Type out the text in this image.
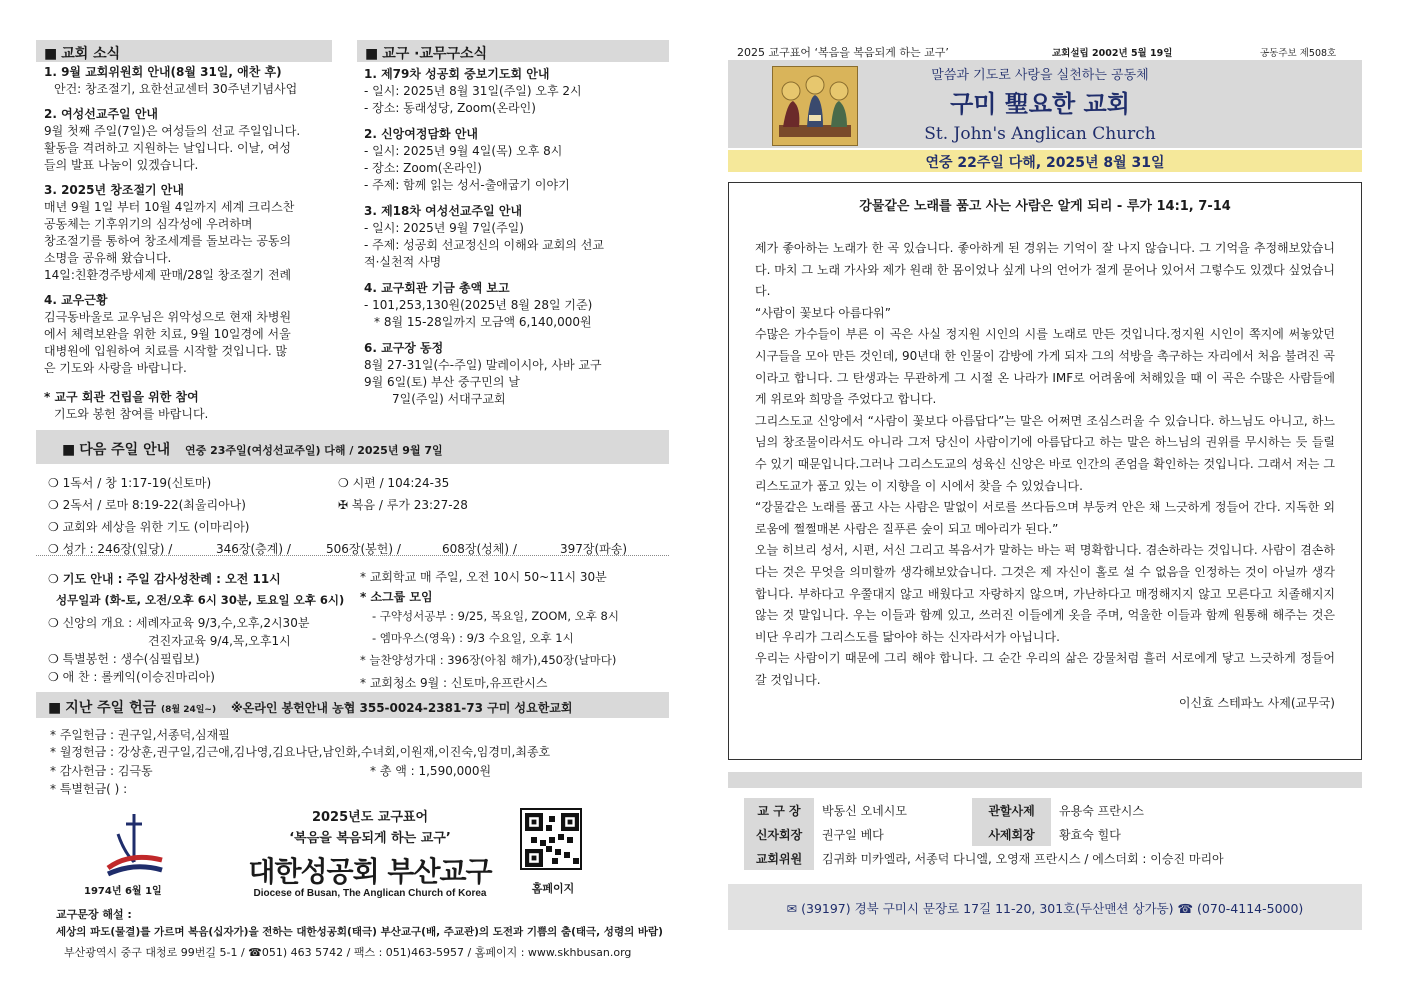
■ 교회 소식
1. 9월 교회위원회 안내(8월 31일, 애찬 후)
안건: 창조절기, 요한선교센터 30주년기념사업
2. 여성선교주일 안내
9월 첫째 주일(7일)은 여성들의 선교 주일입니다.
활동을 격려하고 지원하는 날입니다. 이날, 여성
들의 발표 나눔이 있겠습니다.
3. 2025년 창조절기 안내
매년 9월 1일 부터 10월 4일까지 세계 크리스찬
공동체는 기후위기의 심각성에 우려하며
창조절기를 통하여 창조세계를 돌보라는 공동의
소명을 공유해 왔습니다.
14일:친환경주방세제 판매/28일 창조절기 전례
4. 교우근황
김극동바울로 교우님은 위악성으로 현재 차병원
에서 체력보완을 위한 치료, 9월 10일경에 서울
대병원에 입원하여 치료를 시작할 것입니다. 많
은 기도와 사랑을 바랍니다.
* 교구 회관 건립을 위한 참여
기도와 봉헌 참여를 바랍니다.
■ 교구 ·교무구소식
1. 제79차 성공회 중보기도회 안내
- 일시: 2025년 8월 31일(주일) 오후 2시
- 장소: 동래성당, Zoom(온라인)
2. 신앙여정담화 안내
- 일시: 2025년 9월 4일(목) 오후 8시
- 장소: Zoom(온라인)
- 주제: 함께 읽는 성서-출애굽기 이야기
3. 제18차 여성선교주일 안내
- 일시: 2025년 9월 7일(주일)
- 주제: 성공회 선교정신의 이해와 교회의 선교
적·실천적 사명
4. 교구회관 기금 총액 보고
- 101,253,130원(2025년 8월 28일 기준)
* 8월 15-28일까지 모금액 6,140,000원
6. 교구장 동정
8월 27-31일(수-주일) 말레이시아, 사바 교구
9월 6일(토) 부산 중구민의 날
7일(주일) 서대구교회
■ 다음 주일 안내 연중 23주일(여성선교주일) 다해 / 2025년 9월 7일
❍ 1독서 / 창 1:17-19(신토마)	❍ 시편 / 104:24-35
❍ 2독서 / 로마 8:19-22(최울리아나)	✠ 복음 / 루가 23:27-28
❍ 교회와 세상을 위한 기도 (이마리아)
❍ 성가 : 246장(입당) /	346장(층계) /	506장(봉헌) /	608장(성체) /	397장(파송)
❍ 기도 안내 : 주일 감사성찬례 : 오전 11시
성무일과 (화-토, 오전/오후 6시 30분, 토요일 오후 6시)
❍ 신앙의 개요 : 세례자교육 9/3,수,오후,2시30분
견진자교육 9/4,목,오후1시
❍ 특별봉헌 : 생수(심필립보)
❍ 애 찬 : 롤케익(이승진마리아)
* 교회학교 매 주일, 오전 10시 50~11시 30분
* 소그룹 모임
- 구약성서공부 : 9/25, 목요일, ZOOM, 오후 8시
- 엠마우스(영육) : 9/3 수요일, 오후 1시
* 늘찬양성가대 : 396장(아침 해가),450장(날마다)
* 교회청소 9월 : 신토마,유프란시스
■ 지난 주일 헌금 (8월 24일~) ※온라인 봉헌안내 농협 355-0024-2381-73 구미 성요한교회
* 주일헌금 : 권구일,서종덕,심재필
* 월정헌금 : 강상훈,권구일,김근애,김나영,김요나단,남인화,수녀회,이원재,이진숙,임경미,최종호
* 감사헌금 : 김극동	* 총 액 : 1,590,000원
* 특별헌금( ) :
1974년 6월 1일
2025년도 교구표어
‘복음을 복음되게 하는 교구’
대한성공회 부산교구
Diocese of Busan, The Anglican Church of Korea	홈페이지
교구문장 해설 :
세상의 파도(물결)를 가르며 복음(십자가)을 전하는 대한성공회(태극) 부산교구(배, 주교관)의 도전과 기쁨의 춤(태극, 성령의 바람)
부산광역시 중구 대청로 99번길 5-1 / ☎051) 463 5742 / 팩스 : 051)463-5957 / 홈페이지 : www.skhbusan.org
2025 교구표어 ‘복음을 복음되게 하는 교구’	교회설립 2002년 5월 19일	공동주보 제508호
말씀과 기도로 사랑을 실천하는 공동체
구미 聖요한 교회
St. John's Anglican Church
연중 22주일 다해, 2025년 8월 31일
강물같은 노래를 품고 사는 사람은 알게 되리 - 루가 14:1, 7-14

제가 좋아하는 노래가 한 곡 있습니다. 좋아하게 된 경위는 기억이 잘 나지 않습니다. 그 기억을 추정해보았습니다. 마치 그 노래 가사와 제가 원래 한 몸이었나 싶게 나의 언어가 절게 묻어나 있어서 그렇수도 있겠다 싶었습니다.

“사람이 꽃보다 아름다워”

수많은 가수들이 부른 이 곡은 사실 정지원 시인의 시를 노래로 만든 것입니다.정지원 시인이 쪽지에 써놓았던 시구들을 모아 만든 것인데, 90년대 한 인물이 감방에 가게 되자 그의 석방을 촉구하는 자리에서 처음 불려진 곡이라고 합니다. 그 탄생과는 무관하게 그 시절 온 나라가 IMF로 어려움에 처해있을 때 이 곡은 수많은 사람들에게 위로와 희망을 주었다고 합니다.

그리스도교 신앙에서 “사람이 꽃보다 아름답다”는 말은 어쩌면 조심스러울 수 있습니다. 하느님도 아니고, 하느님의 창조물이라서도 아니라 그저 당신이 사람이기에 아름답다고 하는 말은 하느님의 권위를 무시하는 듯 들릴 수 있기 때문입니다.그러나 그리스도교의 성육신 신앙은 바로 인간의 존엄을 확인하는 것입니다. 그래서 저는 그리스도교가 품고 있는 이 지향을 이 시에서 찾을 수 있었습니다.

“강물같은 노래를 품고 사는 사람은 말없이 서로를 쓰다듬으며 부둥켜 안은 채 느긋하게 정들어 간다. 지독한 외로움에 쩔쩔매본 사람은 질푸른 숲이 되고 메아리가 된다.”

오늘 히브리 성서, 시편, 서신 그리고 복음서가 말하는 바는 퍽 명확합니다. 겸손하라는 것입니다. 사람이 겸손하다는 것은 무엇을 의미할까 생각해보았습니다. 그것은 제 자신이 홀로 설 수 없음을 인정하는 것이 아닐까 생각합니다. 부하다고 우쭐대지 않고 배웠다고 자랑하지 않으며, 가난하다고 매정해지지 않고 모른다고 치졸해지지 않는 것 말입니다. 우는 이들과 함께 있고, 쓰러진 이들에게 옷을 주며, 억울한 이들과 함께 원통해 해주는 것은 비단 우리가 그리스도를 닮아야 하는 신자라서가 아닙니다.

우리는 사람이기 때문에 그리 해야 합니다. 그 순간 우리의 삶은 강물처럼 흘러 서로에게 닿고 느긋하게 정들어 갈 것입니다.

이신효 스테파노 사제(교무국)
교 구 장	박동신 오네시모	관할사제	유용숙 프란시스
신자회장	권구일 베다	사제회장	황효숙 힐다
교회위원	김귀화 미카엘라, 서종덕 다니엘, 오영재 프란시스 / 에스더회 : 이승진 마리아		
✉ (39197) 경북 구미시 문장로 17길 11-20, 301호(두산맨션 상가동) ☎ (070-4114-5000)
